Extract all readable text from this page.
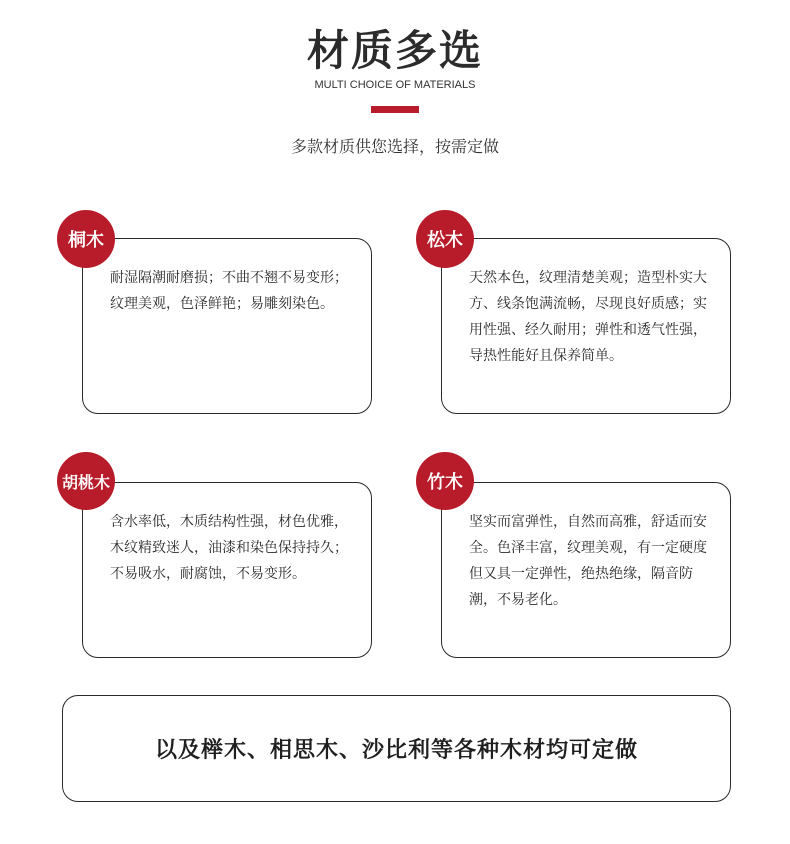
材质多选
MULTI CHOICE OF MATERIALS
多款材质供您选择，按需定做

耐湿隔潮耐磨损；不曲不翘不易变形；纹理美观，色泽鲜艳；易雕刻染色。

桐木

天然本色，纹理清楚美观；造型朴实大方、线条饱满流畅，尽现良好质感；实用性强、经久耐用；弹性和透气性强，导热性能好且保养简单。

松木

含水率低，木质结构性强，材色优雅，木纹精致迷人，油漆和染色保持持久；不易吸水，耐腐蚀，不易变形。

胡桃木

坚实而富弹性，自然而高雅，舒适而安全。色泽丰富，纹理美观，有一定硬度但又具一定弹性，绝热绝缘，隔音防潮，不易老化。

竹木
以及榉木、相思木、沙比利等各种木材均可定做
